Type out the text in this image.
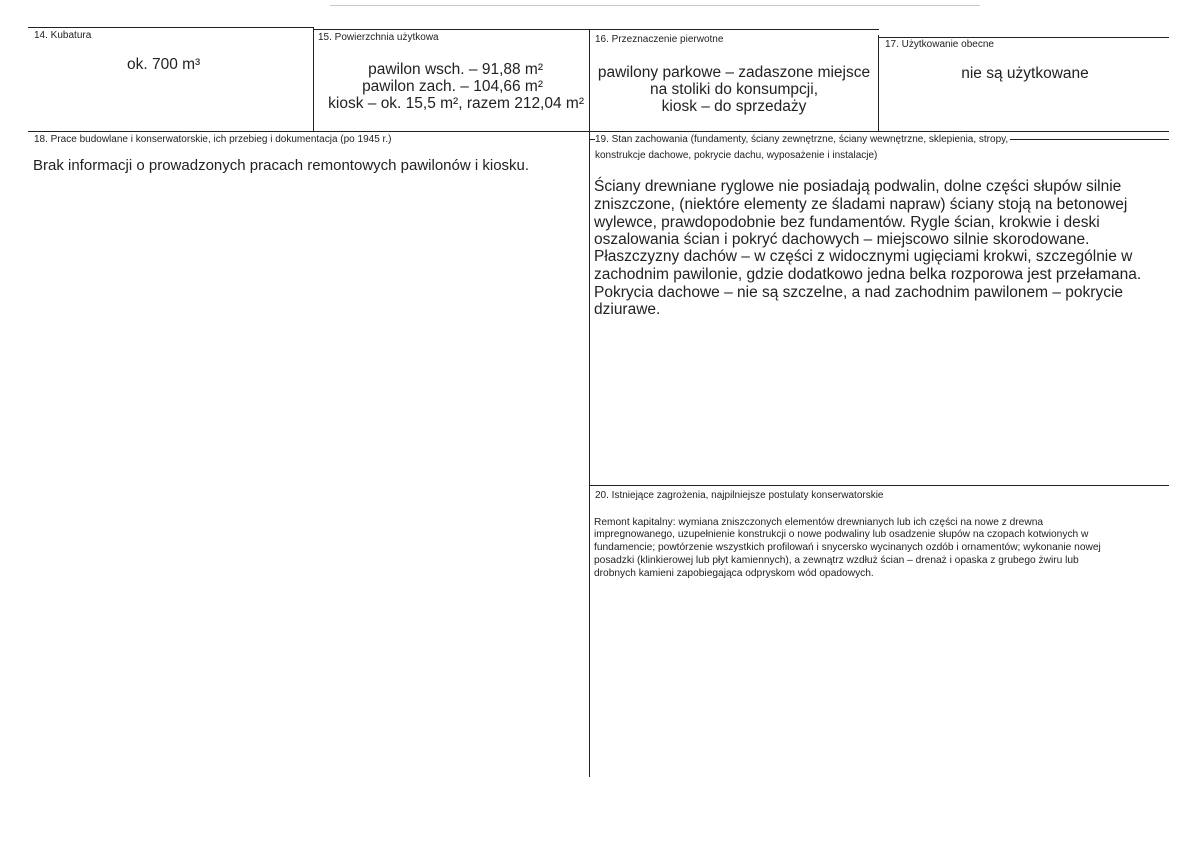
14. Kubatura
ok. 700 m³
15. Powierzchnia użytkowa
pawilon wsch. – 91,88 m²
pawilon zach. – 104,66 m²
kiosk – ok. 15,5 m², razem 212,04 m²
16. Przeznaczenie pierwotne
pawilony parkowe – zadaszone miejsce
na stoliki do konsumpcji,
kiosk – do sprzedaży
17. Użytkowanie obecne
nie są użytkowane
18. Prace budowlane i konserwatorskie, ich przebieg i dokumentacja (po 1945 r.)
Brak informacji o prowadzonych pracach remontowych pawilonów i kiosku.
19. Stan zachowania (fundamenty, ściany zewnętrzne, ściany wewnętrzne, sklepienia, stropy,
konstrukcje dachowe, pokrycie dachu, wyposażenie i instalacje)
Ściany drewniane ryglowe nie posiadają podwalin, dolne części słupów silnie
zniszczone, (niektóre elementy ze śladami napraw) ściany stoją na betonowej
wylewce, prawdopodobnie bez fundamentów. Rygle ścian, krokwie i deski
oszalowania ścian i pokryć dachowych – miejscowo silnie skorodowane.
Płaszczyzny dachów – w części z widocznymi ugięciami krokwi, szczególnie w
zachodnim pawilonie, gdzie dodatkowo jedna belka rozporowa jest przełamana.
Pokrycia dachowe – nie są szczelne, a nad zachodnim pawilonem – pokrycie
dziurawe.
20. Istniejące zagrożenia, najpilniejsze postulaty konserwatorskie
Remont kapitalny: wymiana zniszczonych elementów drewnianych lub ich części na nowe z drewna
impregnowanego, uzupełnienie konstrukcji o nowe podwaliny lub osadzenie słupów na czopach kotwionych w
fundamencie; powtórzenie wszystkich profilowań i snycersko wycinanych ozdób i ornamentów; wykonanie nowej
posadzki (klinkierowej lub płyt kamiennych), a zewnątrz wzdłuż ścian – drenaż i opaska z grubego żwiru lub
drobnych kamieni zapobiegająca odpryskom wód opadowych.
